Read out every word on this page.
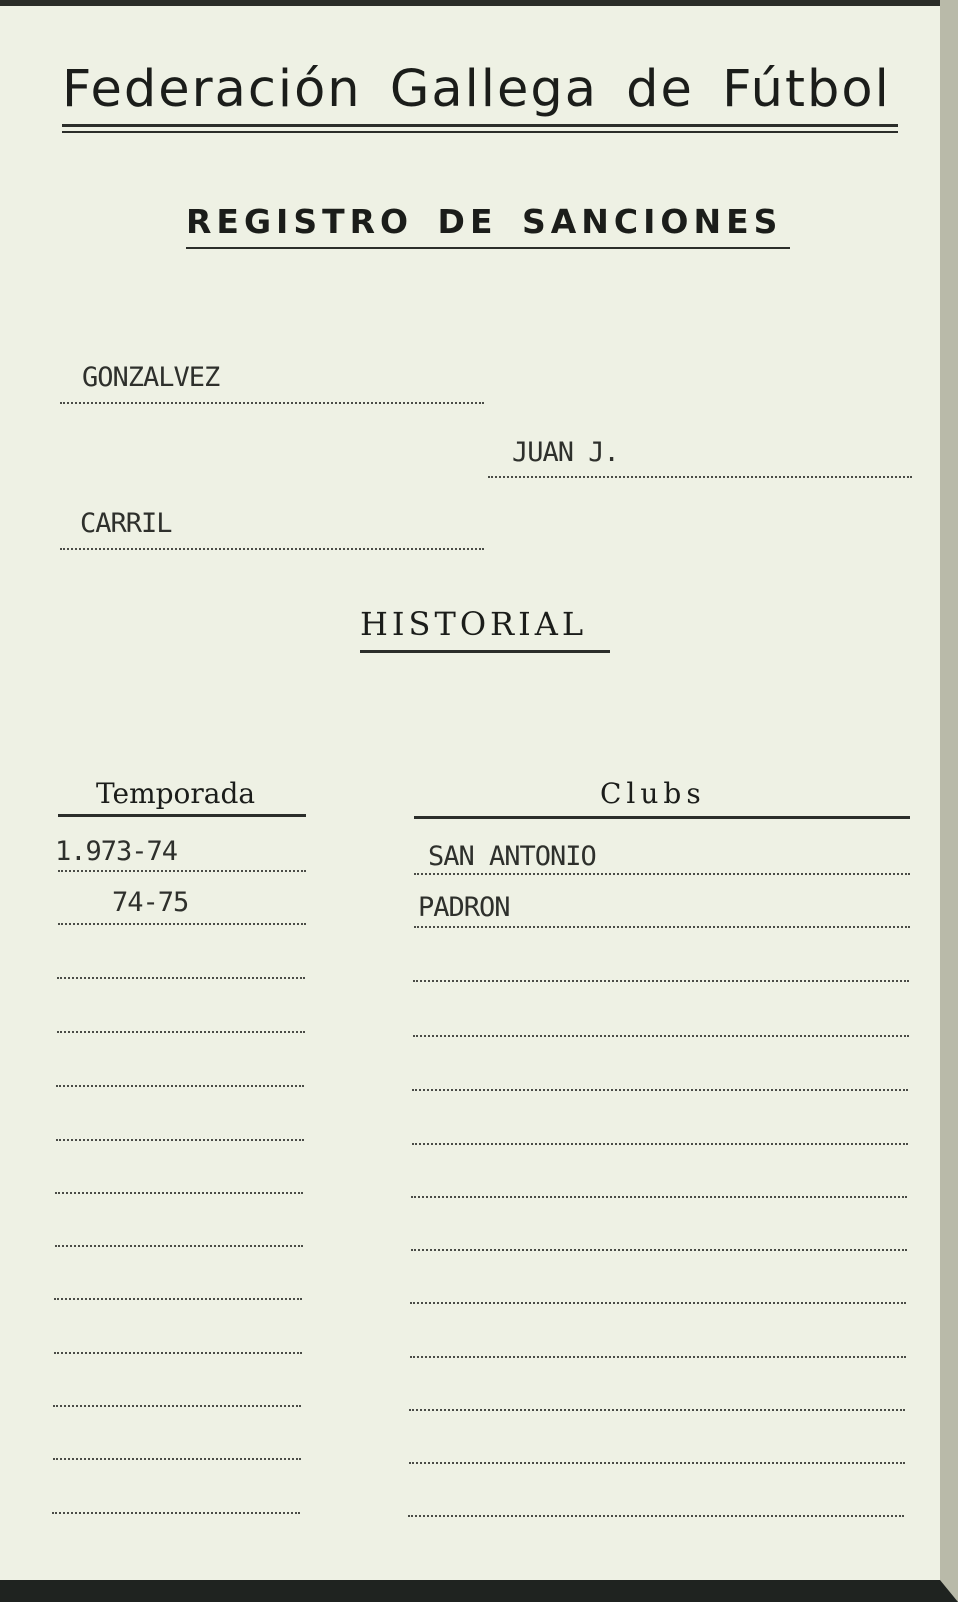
Federación Gallega de Fútbol
REGISTRO DE SANCIONES
GONZALVEZ
JUAN J.
CARRIL
HISTORIAL
Temporada	Clubs
1.973-74	SAN ANTONIO
74-75	PADRON
